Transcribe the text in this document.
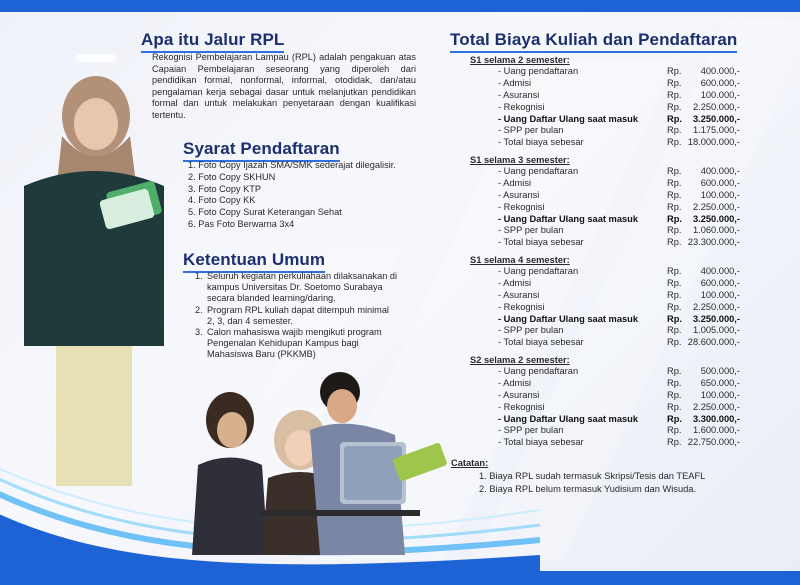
Apa itu Jalur RPL
Rekognisi Pembelajaran Lampau (RPL) adalah pengakuan atas Capaian Pembelajaran seseorang yang diperoleh dari pendidikan formal, nonformal, informal, otodidak, dan/atau pengalaman kerja sebagai dasar untuk melanjutkan pendidikan formal dan untuk melakukan penyetaraan dengan kualifikasi tertentu.
Syarat Pendaftaran
1. Foto Copy Ijazah SMA/SMK sederajat dilegalisir.
2. Foto Copy SKHUN
3. Foto Copy KTP
4. Foto Copy KK
5. Foto Copy Surat Keterangan Sehat
6. Pas Foto Berwarna 3x4
Ketentuan Umum
1. Seluruh kegiatan perkuliahaan dilaksanakan di
kampus Universitas Dr. Soetomo Surabaya
secara blanded learning/daring.
2. Program RPL kuliah dapat ditempuh minimal
2, 3, dan 4 semester.
3. Calon mahasiswa wajib mengikuti program
Pengenalan Kehidupan Kampus bagi
Mahasiswa Baru (PKKMB)
Total Biaya Kuliah dan Pendaftaran
S1 selama 2 semester:
- Uang pendaftaran	Rp.	400.000,-
- Admisi	Rp.	600.000,-
- Asuransi	Rp.	100.000,-
- Rekognisi	Rp.	2.250.000,-
- Uang Daftar Ulang saat masuk	Rp.	3.250.000,-
- SPP per bulan	Rp.	1.175.000,-
- Total biaya sebesar	Rp. 18.000.000,-
S1 selama 3 semester:
- Uang pendaftaran	Rp.	400.000,-
- Admisi	Rp.	600.000,-
- Asuransi	Rp.	100.000,-
- Rekognisi	Rp.	2.250.000,-
- Uang Daftar Ulang saat masuk	Rp.	3.250.000,-
- SPP per bulan	Rp.	1.060.000,-
- Total biaya sebesar	Rp. 23.300.000,-
S1 selama 4 semester:
- Uang pendaftaran	Rp.	400.000,-
- Admisi	Rp.	600.000,-
- Asuransi	Rp.	100.000,-
- Rekognisi	Rp.	2.250.000,-
- Uang Daftar Ulang saat masuk	Rp.	3.250.000,-
- SPP per bulan	Rp.	1.005.000,-
- Total biaya sebesar	Rp. 28.600.000,-
S2 selama 2 semester:
- Uang pendaftaran	Rp.	500.000,-
- Admisi	Rp.	650.000,-
- Asuransi	Rp.	100.000,-
- Rekognisi	Rp.	2.250.000,-
- Uang Daftar Ulang saat masuk	Rp.	3.300.000,-
- SPP per bulan	Rp.	1.600.000,-
- Total biaya sebesar	Rp. 22.750.000,-
Catatan:
1. Biaya RPL sudah termasuk Skripsi/Tesis dan TEAFL
2. Biaya RPL belum termasuk Yudisium dan Wisuda.
